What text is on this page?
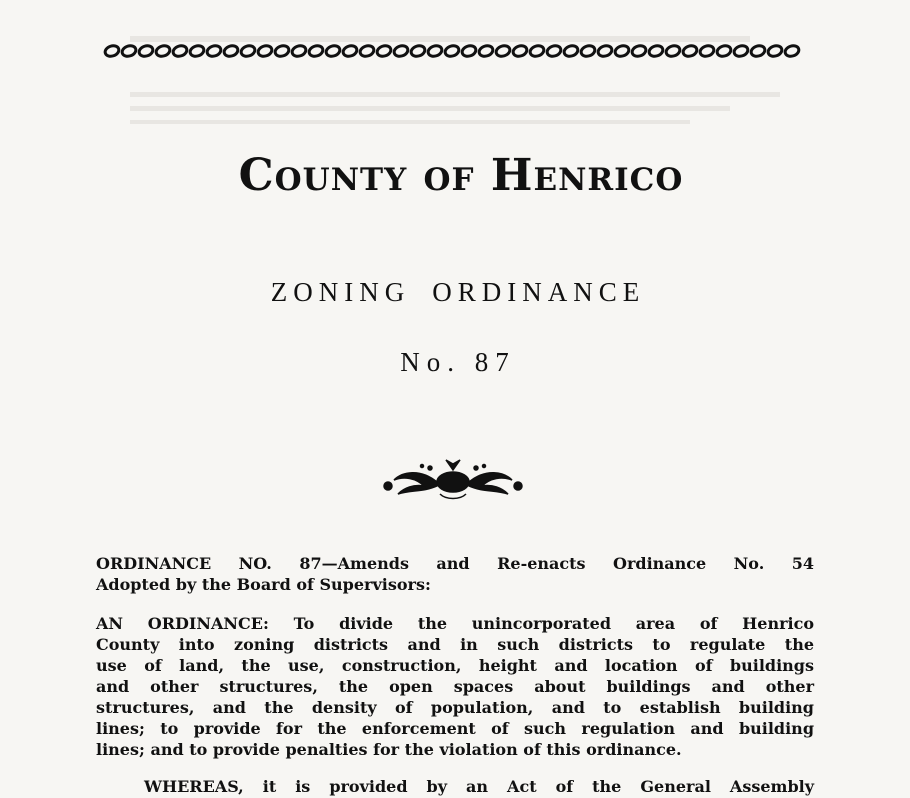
County of Henrico
ZONING ORDINANCE
No. 87
ORDINANCE NO. 87—Amends and Re-enacts Ordinance No. 54
Adopted by the Board of Supervisors:
AN ORDINANCE: To divide the unincorporated area of Henrico
County into zoning districts and in such districts to regulate the
use of land, the use, construction, height and location of buildings
and other structures, the open spaces about buildings and other
structures, and the density of population, and to establish building
lines; to provide for the enforcement of such regulation and building
lines; and to provide penalties for the violation of this ordinance.
WHEREAS, it is provided by an Act of the General Assembly
